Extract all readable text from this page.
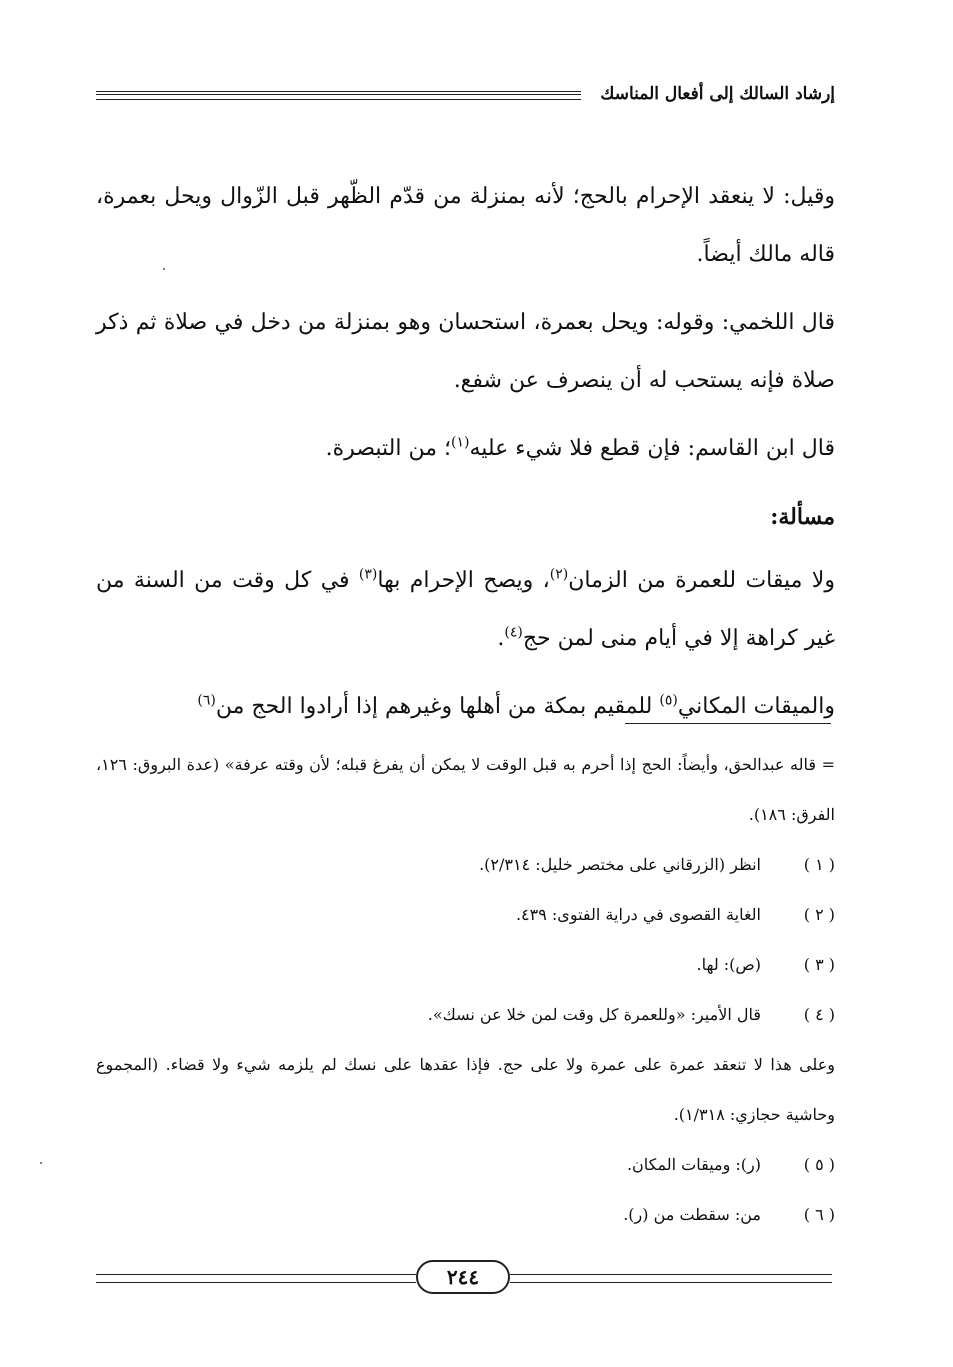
إرشاد السالك إلى أفعال المناسك

وقيل: لا ينعقد الإحرام بالحج؛ لأنه بمنزلة من قدّم الظّهر قبل الزّوال ويحل بعمرة، قاله مالك أيضاً.

قال اللخمي: وقوله: ويحل بعمرة، استحسان وهو بمنزلة من دخل في صلاة ثم ذكر صلاة فإنه يستحب له أن ينصرف عن شفع.

قال ابن القاسم: فإن قطع فلا شيء عليه$^{(١)}$؛ من التبصرة.

مسألة:

ولا ميقات للعمرة من الزمان$^{(٢)}$، ويصح الإحرام بها$^{(٣)}$ في كل وقت من السنة من غير كراهة إلا في أيام منى لمن حج$^{(٤)}$.

والميقات المكاني$^{(٥)}$ للمقيم بمكة من أهلها وغيرهم إذا أرادوا الحج من$^{(٦)}$

= قاله عبدالحق، وأيضاً: الحج إذا أحرم به قبل الوقت لا يمكن أن يفرغ قبله؛ لأن وقته عرفة» (عدة البروق: ١٢٦، الفرق: ١٨٦).

( ١ )انظر (الزرقاني على مختصر خليل: ٢/٣١٤).

( ٢ )الغاية القصوى في دراية الفتوى: ٤٣٩.

( ٣ )(ص): لها.

( ٤ )قال الأمير: «وللعمرة كل وقت لمن خلا عن نسك».

وعلى هذا لا تنعقد عمرة على عمرة ولا على حج. فإذا عقدها على نسك لم يلزمه شيء ولا قضاء. (المجموع وحاشية حجازي: ١/٣١٨).

( ٥ )(ر): وميقات المكان.

( ٦ )من: سقطت من (ر).

٢٤٤
